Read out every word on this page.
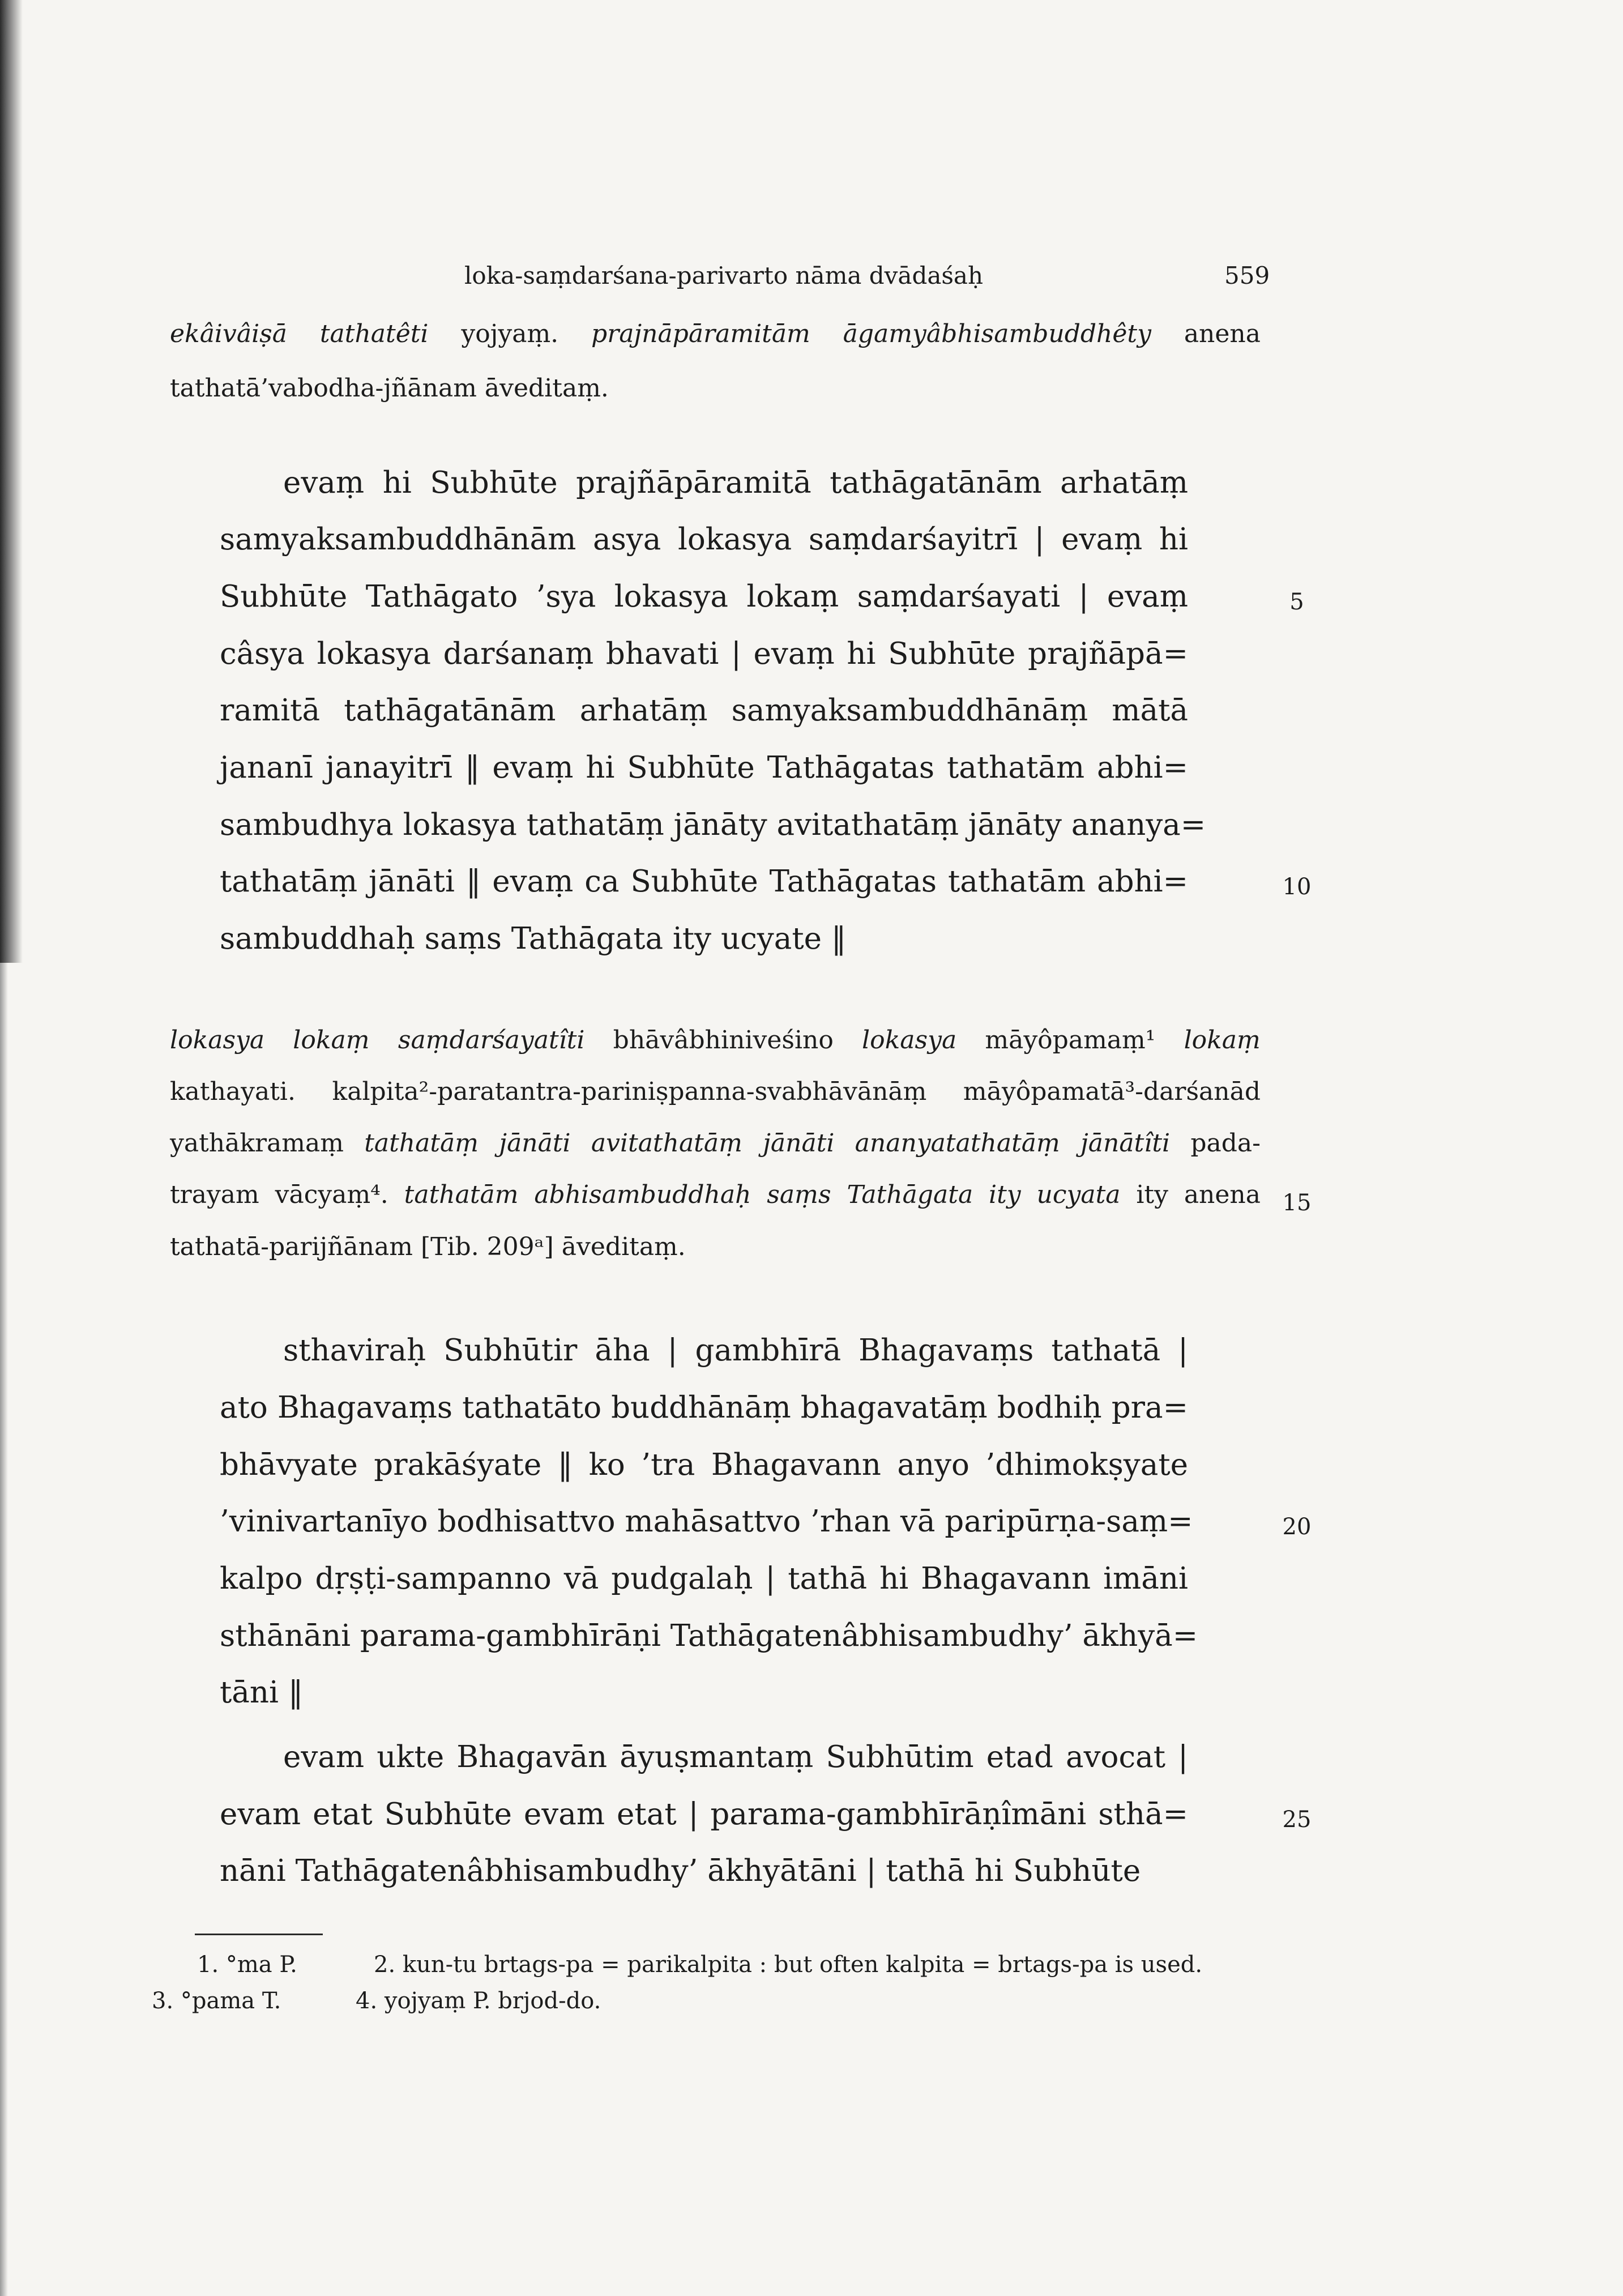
loka-saṃdarśana-parivarto nāma dvādaśaḥ	559
ekâivâiṣā tathatêti yojyaṃ. prajnāpāramitām āgamyâbhisambuddhêty anena
tathatā’vabodha-jñānam āveditaṃ.
evaṃ hi Subhūte prajñāpāramitā tathāgatānām arhatāṃ
samyaksambuddhānām asya lokasya saṃdarśayitrī | evaṃ hi
Subhūte Tathāgato ’sya lokasya lokaṃ saṃdarśayati | evaṃ
câsya lokasya darśanaṃ bhavati | evaṃ hi Subhūte prajñāpā=
ramitā tathāgatānām arhatāṃ samyaksambuddhānāṃ mātā
jananī janayitrī ‖ evaṃ hi Subhūte Tathāgatas tathatām abhi=
sambudhya lokasya tathatāṃ jānāty avitathatāṃ jānāty ananya=
tathatāṃ jānāti ‖ evaṃ ca Subhūte Tathāgatas tathatām abhi=
sambuddhaḥ saṃs Tathāgata ity ucyate ‖
lokasya lokaṃ saṃdarśayatîti bhāvâbhiniveśino lokasya māyôpamaṃ¹ lokaṃ
kathayati. kalpita²-paratantra-pariniṣpanna-svabhāvānāṃ māyôpamatā³-darśanād
yathākramaṃ tathatāṃ jānāti avitathatāṃ jānāti ananyatathatāṃ jānātîti pada-
trayam vācyaṃ⁴. tathatām abhisambuddhaḥ saṃs Tathāgata ity ucyata ity anena
tathatā-parijñānam [Tib. 209ᵃ] āveditaṃ.
sthaviraḥ Subhūtir āha | gambhīrā Bhagavaṃs tathatā |
ato Bhagavaṃs tathatāto buddhānāṃ bhagavatāṃ bodhiḥ pra=
bhāvyate prakāśyate ‖ ko ’tra Bhagavann anyo ’dhimokṣyate
’vinivartanīyo bodhisattvo mahāsattvo ’rhan vā paripūrṇa-saṃ=
kalpo dṛṣṭi-sampanno vā pudgalaḥ | tathā hi Bhagavann imāni
sthānāni parama-gambhīrāṇi Tathāgatenâbhisambudhy’ ākhyā=
tāni ‖
evam ukte Bhagavān āyuṣmantaṃ Subhūtim etad avocat |
evam etat Subhūte evam etat | parama-gambhīrāṇîmāni sthā=
nāni Tathāgatenâbhisambudhy’ ākhyātāni | tathā hi Subhūte
5
10
15
20
25
1. °ma P.	2. kun-tu brtags-pa = parikalpita : but often kalpita = brtags-pa is used.
3. °pama T.	4. yojyaṃ P. brjod-do.
